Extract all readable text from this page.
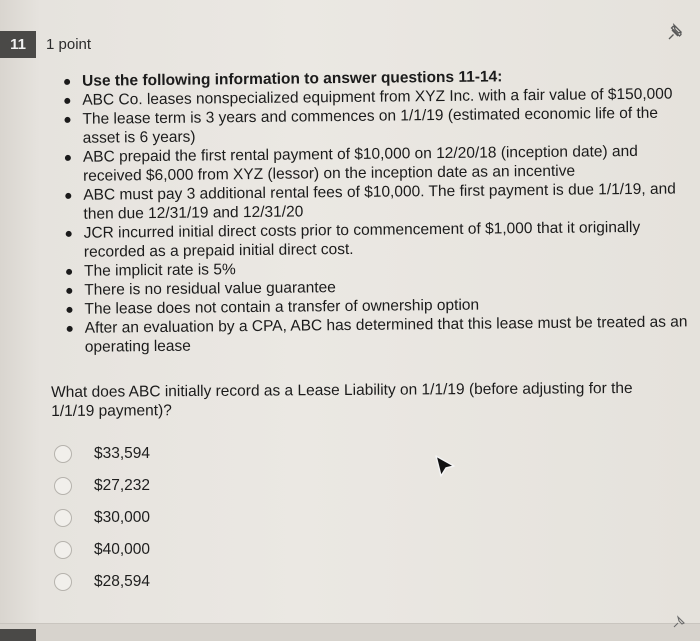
11	1 point
Use the following information to answer questions 11-14:
ABC Co. leases nonspecialized equipment from XYZ Inc. with a fair value of $150,000
The lease term is 3 years and commences on 1/1/19 (estimated economic life of the asset is 6 years)
ABC prepaid the first rental payment of $10,000 on 12/20/18 (inception date) and received $6,000 from XYZ (lessor) on the inception date as an incentive
ABC must pay 3 additional rental fees of $10,000. The first payment is due 1/1/19, and then due 12/31/19 and 12/31/20
JCR incurred initial direct costs prior to commencement of $1,000 that it originally recorded as a prepaid initial direct cost.
The implicit rate is 5%
There is no residual value guarantee
The lease does not contain a transfer of ownership option
After an evaluation by a CPA, ABC has determined that this lease must be treated as an operating lease
What does ABC initially record as a Lease Liability on 1/1/19 (before adjusting for the 1/1/19 payment)?
$33,594
$27,232
$30,000
$40,000
$28,594
